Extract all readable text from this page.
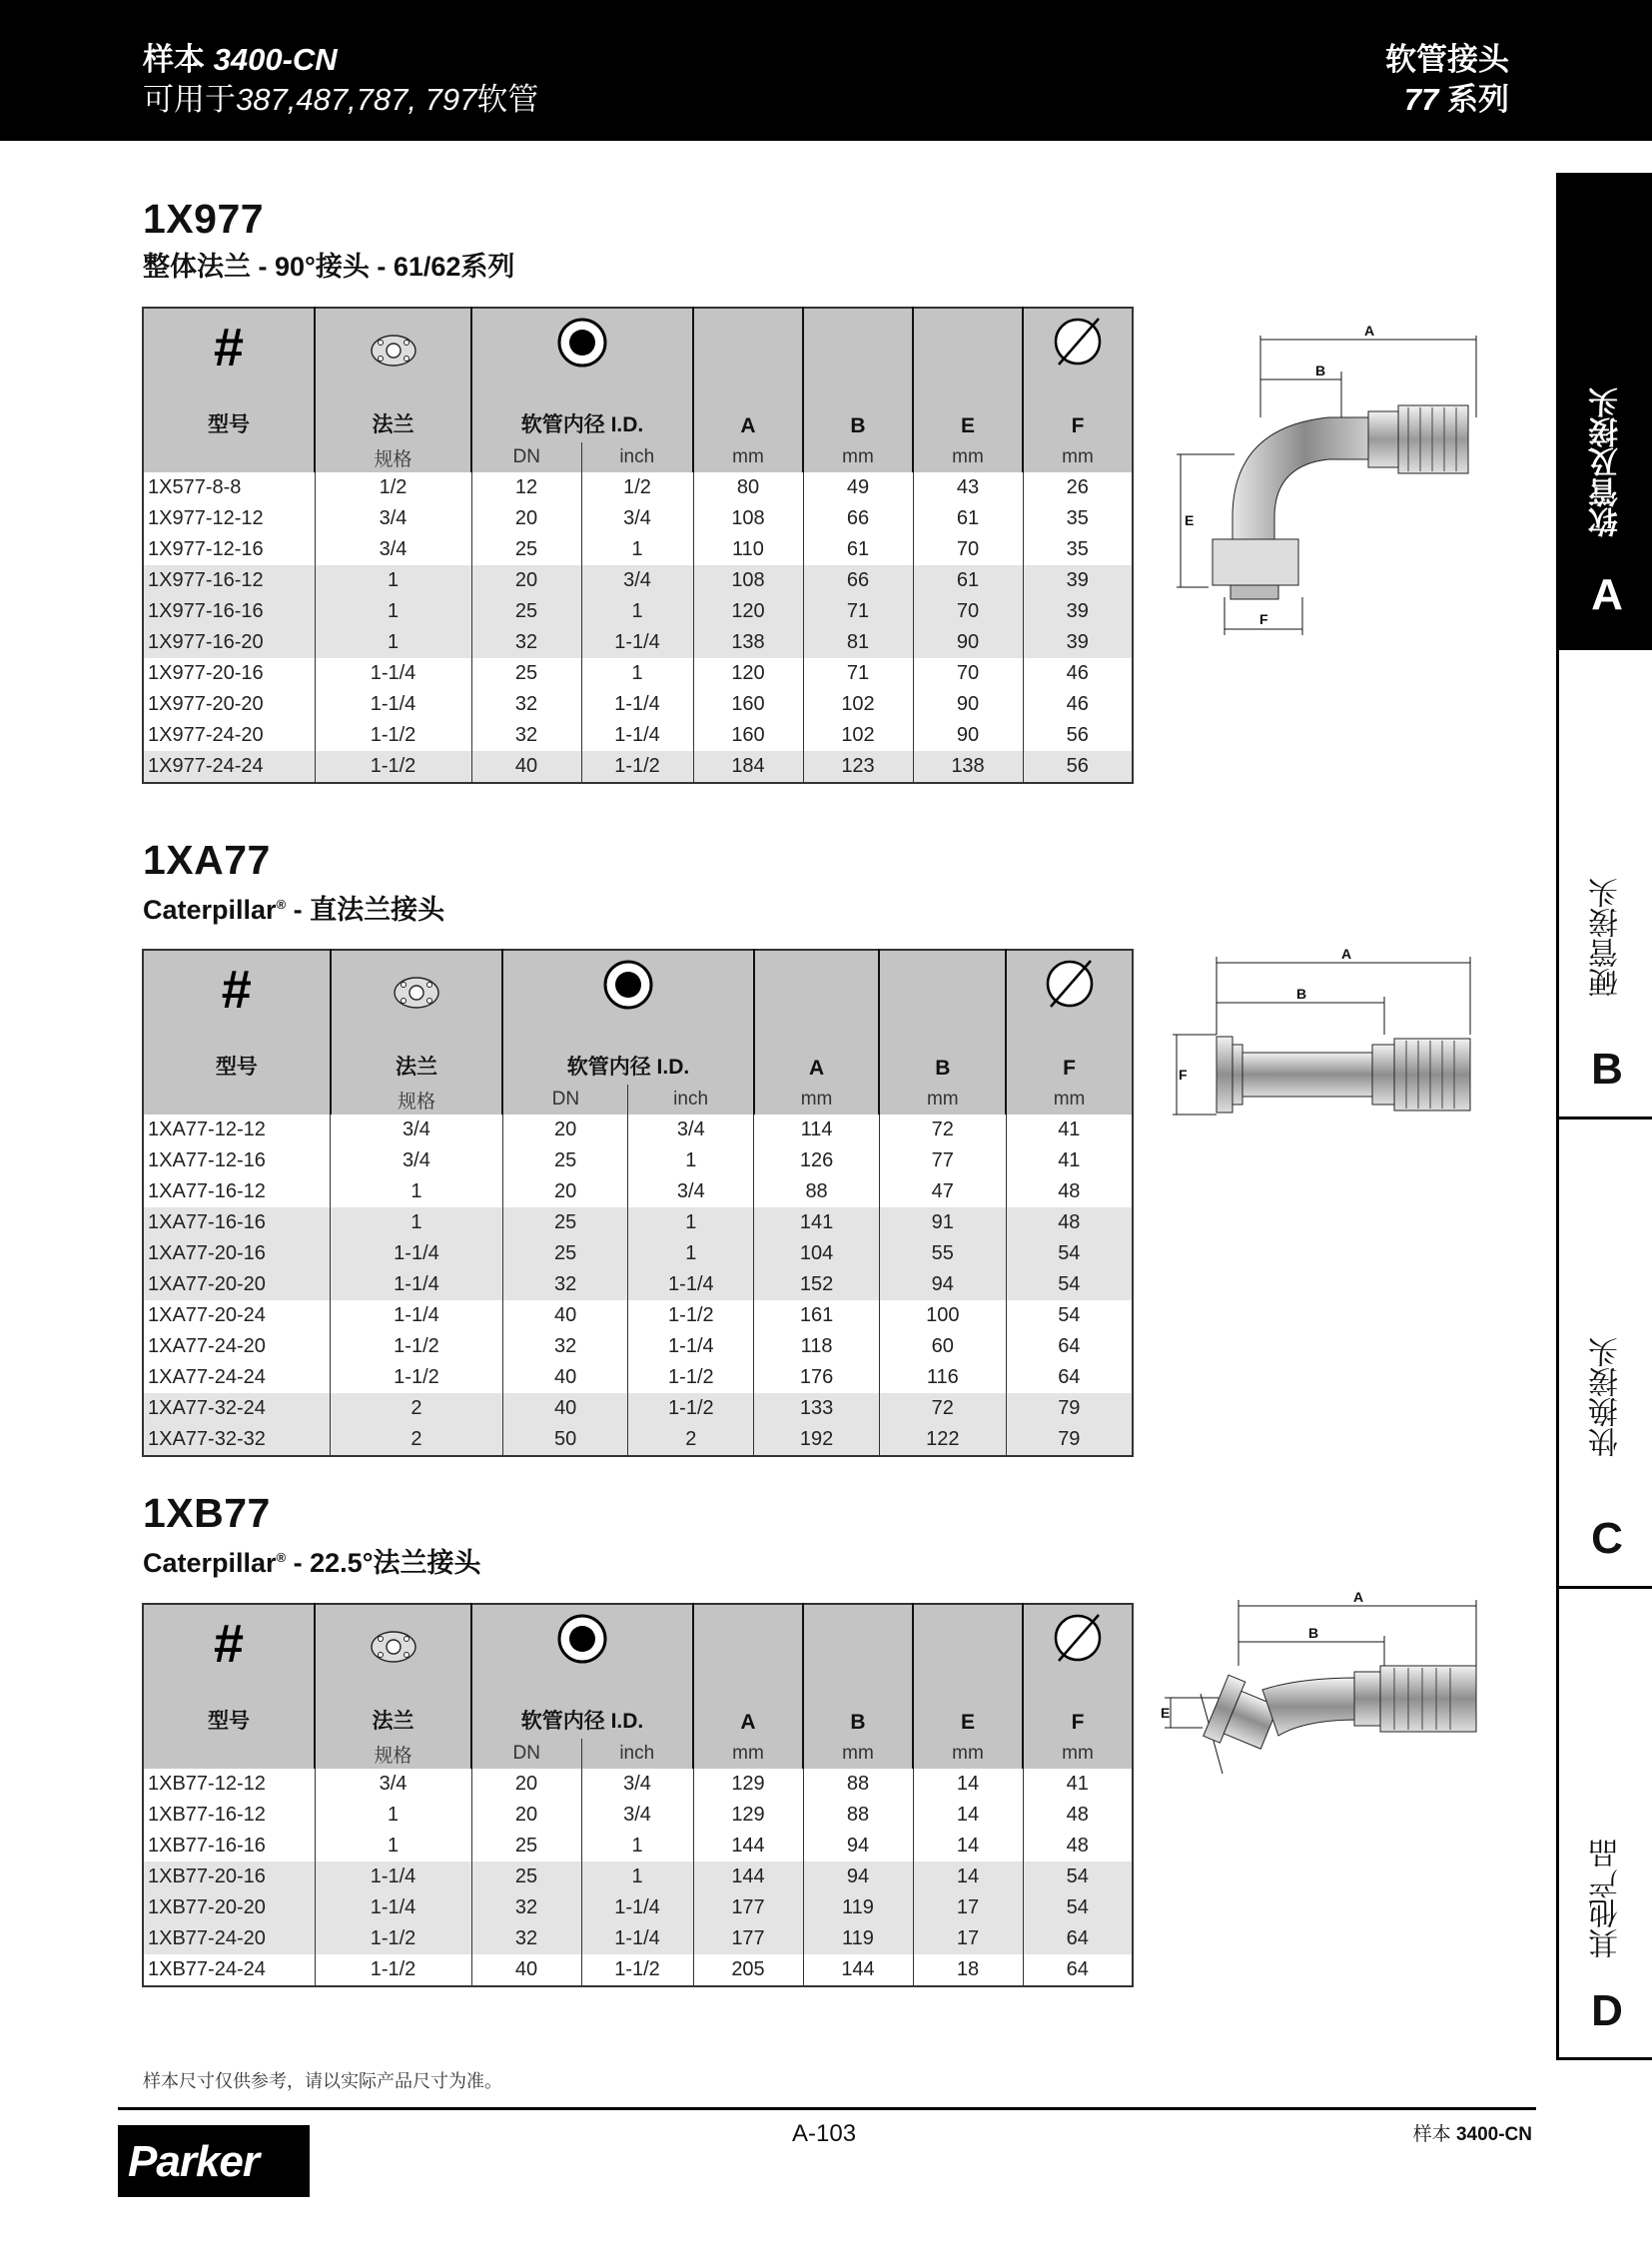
样本 3400-CN
可用于387,487,787, 797软管
软管接头
77 系列
软管及接头
A
硬管接头
B
快换接头
C
其他产品
D
1X977
整体法兰 - 90°接头 - 61/62系列
#						
型号	法兰	软管内径 I.D.		A	B	E	F
	规格	DN	inch	mm	mm	mm	mm
1X577-8-8	1/2	12	1/2	80	49	43	26
1X977-12-12	3/4	20	3/4	108	66	61	35
1X977-12-16	3/4	25	1	110	61	70	35
1X977-16-12	1	20	3/4	108	66	61	39
1X977-16-16	1	25	1	120	71	70	39
1X977-16-20	1	32	1-1/4	138	81	90	39
1X977-20-16	1-1/4	25	1	120	71	70	46
1X977-20-20	1-1/4	32	1-1/4	160	102	90	46
1X977-24-20	1-1/2	32	1-1/4	160	102	90	56
1X977-24-24	1-1/2	40	1-1/2	184	123	138	56
A
B
E
F
1XA77
Caterpillar® - 直法兰接头
#					
型号	法兰	软管内径 I.D.		A	B	F
	规格	DN	inch	mm	mm	mm
1XA77-12-12	3/4	20	3/4	114	72	41
1XA77-12-16	3/4	25	1	126	77	41
1XA77-16-12	1	20	3/4	88	47	48
1XA77-16-16	1	25	1	141	91	48
1XA77-20-16	1-1/4	25	1	104	55	54
1XA77-20-20	1-1/4	32	1-1/4	152	94	54
1XA77-20-24	1-1/4	40	1-1/2	161	100	54
1XA77-24-20	1-1/2	32	1-1/4	118	60	64
1XA77-24-24	1-1/2	40	1-1/2	176	116	64
1XA77-32-24	2	40	1-1/2	133	72	79
1XA77-32-32	2	50	2	192	122	79
A
B
F
1XB77
Caterpillar® - 22.5°法兰接头
#						
型号	法兰	软管内径 I.D.		A	B	E	F
	规格	DN	inch	mm	mm	mm	mm
1XB77-12-12	3/4	20	3/4	129	88	14	41
1XB77-16-12	1	20	3/4	129	88	14	48
1XB77-16-16	1	25	1	144	94	14	48
1XB77-20-16	1-1/4	25	1	144	94	14	54
1XB77-20-20	1-1/4	32	1-1/4	177	119	17	54
1XB77-24-20	1-1/2	32	1-1/4	177	119	17	64
1XB77-24-24	1-1/2	40	1-1/2	205	144	18	64
A
B
E
样本尺寸仅供参考，请以实际产品尺寸为准。
Parker
A-103	样本 3400-CN
